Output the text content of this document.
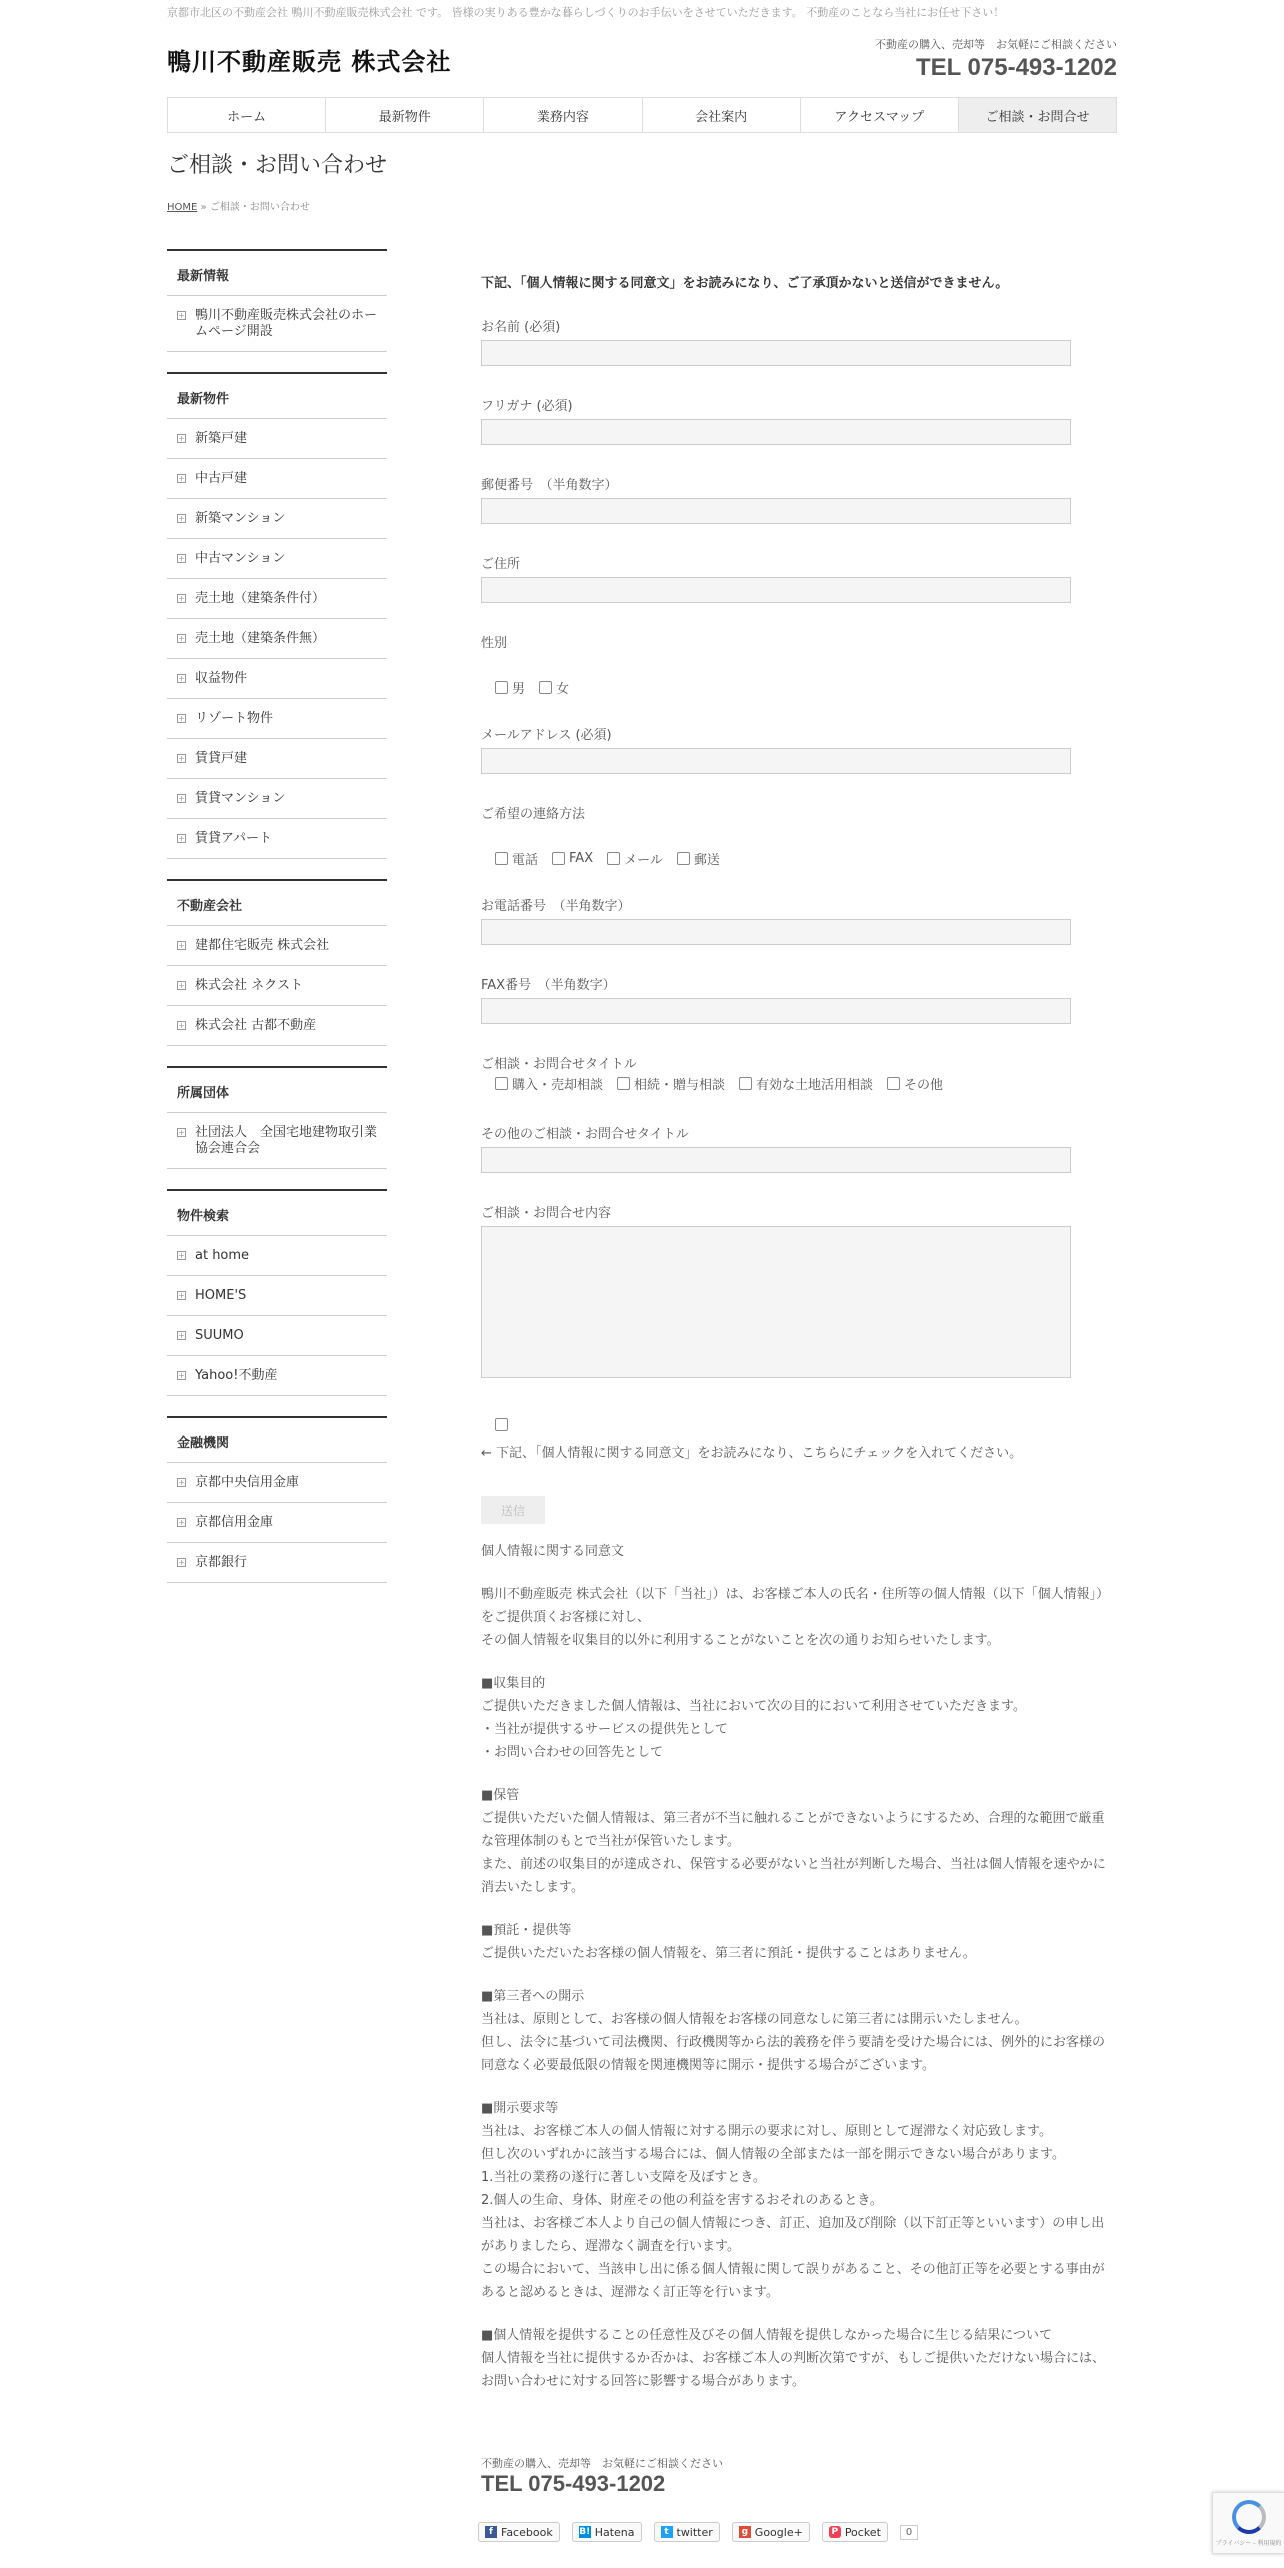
京都市北区の不動産会社 鴨川不動産販売株式会社 です。 皆様の実りある豊かな暮らしづくりのお手伝いをさせていただきます。 不動産のことなら当社にお任せ下さい！
鴨川不動産販売 株式会社
不動産の購入、売却等　お気軽にご相談ください
TEL 075-493-1202
ホーム	最新物件	業務内容	会社案内	アクセスマップ	ご相談・お問合せ
ご相談・お問い合わせ
HOME » ご相談・お問い合わせ
最新情報
+ 鴨川不動産販売株式会社のホームページ開設
最新物件
+ 新築戸建
+ 中古戸建
+ 新築マンション
+ 中古マンション
+ 売土地（建築条件付）
+ 売土地（建築条件無）
+ 収益物件
+ リゾート物件
+ 賃貸戸建
+ 賃貸マンション
+ 賃貸アパート
不動産会社
+ 建都住宅販売 株式会社
+ 株式会社 ネクスト
+ 株式会社 古都不動産
所属団体
+ 社団法人　全国宅地建物取引業協会連合会
物件検索
+ at home
+ HOME'S
+ SUUMO
+ Yahoo!不動産
金融機関
+ 京都中央信用金庫
+ 京都信用金庫
+ 京都銀行
下記、「個人情報に関する同意文」をお読みになり、ご了承頂かないと送信ができません。
お名前 (必須)
フリガナ (必須)
郵便番号　（半角数字）
ご住所
性別
男 女
メールアドレス (必須)
ご希望の連絡方法
電話 FAX メール 郵送
お電話番号　（半角数字）
FAX番号　（半角数字）
ご相談・お問合せタイトル
購入・売却相談 相続・贈与相談 有効な土地活用相談 その他
その他のご相談・お問合せタイトル
ご相談・お問合せ内容
← 下記、「個人情報に関する同意文」をお読みになり、こちらにチェックを入れてください。
送信

個人情報に関する同意文

鴨川不動産販売 株式会社（以下「当社」）は、お客様ご本人の氏名・住所等の個人情報（以下「個人情報」）をご提供頂くお客様に対し、
その個人情報を収集目的以外に利用することがないことを次の通りお知らせいたします。

■収集目的
ご提供いただきました個人情報は、当社において次の目的において利用させていただきます。
・当社が提供するサービスの提供先として
・お問い合わせの回答先として

■保管
ご提供いただいた個人情報は、第三者が不当に触れることができないようにするため、合理的な範囲で厳重な管理体制のもとで当社が保管いたします。
また、前述の収集目的が達成され、保管する必要がないと当社が判断した場合、当社は個人情報を速やかに消去いたします。

■預託・提供等
ご提供いただいたお客様の個人情報を、第三者に預託・提供することはありません。

■第三者への開示
当社は、原則として、お客様の個人情報をお客様の同意なしに第三者には開示いたしません。
但し、法令に基づいて司法機関、行政機関等から法的義務を伴う要請を受けた場合には、例外的にお客様の同意なく必要最低限の情報を関連機関等に開示・提供する場合がございます。

■開示要求等
当社は、お客様ご本人の個人情報に対する開示の要求に対し、原則として遅滞なく対応致します。
但し次のいずれかに該当する場合には、個人情報の全部または一部を開示できない場合があります。
1.当社の業務の遂行に著しい支障を及ぼすとき。
2.個人の生命、身体、財産その他の利益を害するおそれのあるとき。
当社は、お客様ご本人より自己の個人情報につき、訂正、追加及び削除（以下訂正等といいます）の申し出がありましたら、遅滞なく調査を行います。
この場合において、当該申し出に係る個人情報に関して誤りがあること、その他訂正等を必要とする事由があると認めるときは、遅滞なく訂正等を行います。

■個人情報を提供することの任意性及びその個人情報を提供しなかった場合に生じる結果について
個人情報を当社に提供するか否かは、お客様ご本人の判断次第ですが、もしご提供いただけない場合には、お問い合わせに対する回答に影響する場合があります。

不動産の購入、売却等　お気軽にご相談ください
TEL 075-493-1202
f Facebook	B! Hatena	t twitter	g Google+	P Pocket	0
プライバシー - 利用規約
